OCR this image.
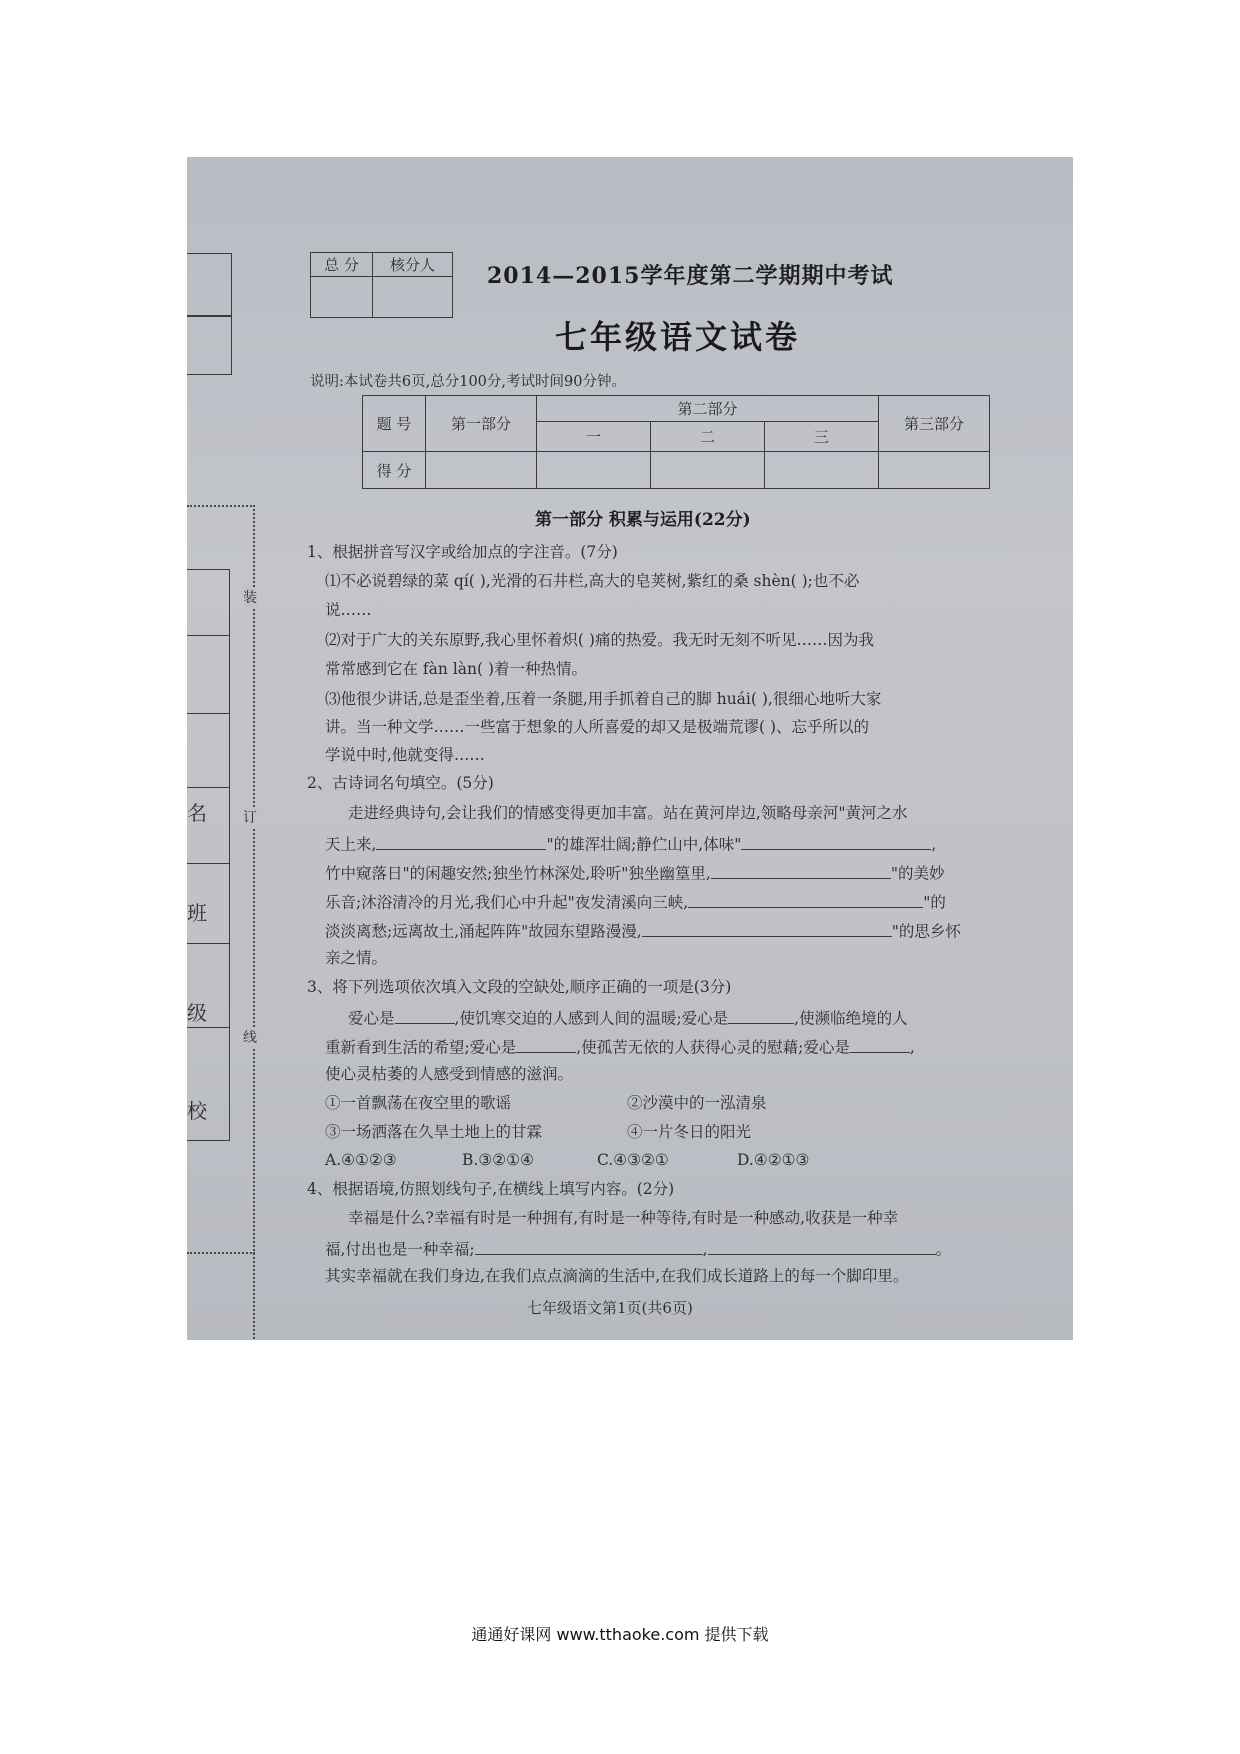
名
班
级
校
装
订
线
总 分	核分人
	2014—2015学年度第二学期期中考试
七年级语文试卷
说明:本试卷共6页,总分100分,考试时间90分钟。
题 号	第一部分	第二部分			第三部分
		一	二	三	
得 分					
第一部分 积累与运用(22分)
1、根据拼音写汉字或给加点的字注音。(7分)
⑴不必说碧绿的菜 qí( ),光滑的石井栏,高大的皂荚树,紫红的桑 shèn( );也不必
说……
⑵对于广大的关东原野,我心里怀着炽( )痛的热爱。我无时无刻不听见……因为我
常常感到它在 fàn làn( )着一种热情。
⑶他很少讲话,总是歪坐着,压着一条腿,用手抓着自己的脚 huái( ),很细心地听大家
讲。当一种文学……一些富于想象的人所喜爱的却又是极端荒谬( )、忘乎所以的
学说中时,他就变得……
2、古诗词名句填空。(5分)
走进经典诗句,会让我们的情感变得更加丰富。站在黄河岸边,领略母亲河"黄河之水
天上来,	"的雄浑壮阔;静伫山中,体味"	,
竹中窥落日"的闲趣安然;独坐竹林深处,聆听"独坐幽篁里,	"的美妙
乐音;沐浴清冷的月光,我们心中升起"夜发清溪向三峡,	"的
淡淡离愁;远离故土,涌起阵阵"故园东望路漫漫,	"的思乡怀
亲之情。
3、将下列选项依次填入文段的空缺处,顺序正确的一项是(3分)
爱心是	,使饥寒交迫的人感到人间的温暖;爱心是	,使濒临绝境的人
重新看到生活的希望;爱心是	,使孤苦无依的人获得心灵的慰藉;爱心是	,
使心灵枯萎的人感受到情感的滋润。
①一首飘荡在夜空里的歌谣	②沙漠中的一泓清泉
③一场洒落在久旱土地上的甘霖	④一片冬日的阳光
A.④①②③	B.③②①④	C.④③②①	D.④②①③
4、根据语境,仿照划线句子,在横线上填写内容。(2分)
幸福是什么?幸福有时是一种拥有,有时是一种等待,有时是一种感动,收获是一种幸
福,付出也是一种幸福;	,	。
其实幸福就在我们身边,在我们点点滴滴的生活中,在我们成长道路上的每一个脚印里。
七年级语文第1页(共6页)
通通好课网 www.tthaoke.com 提供下载
